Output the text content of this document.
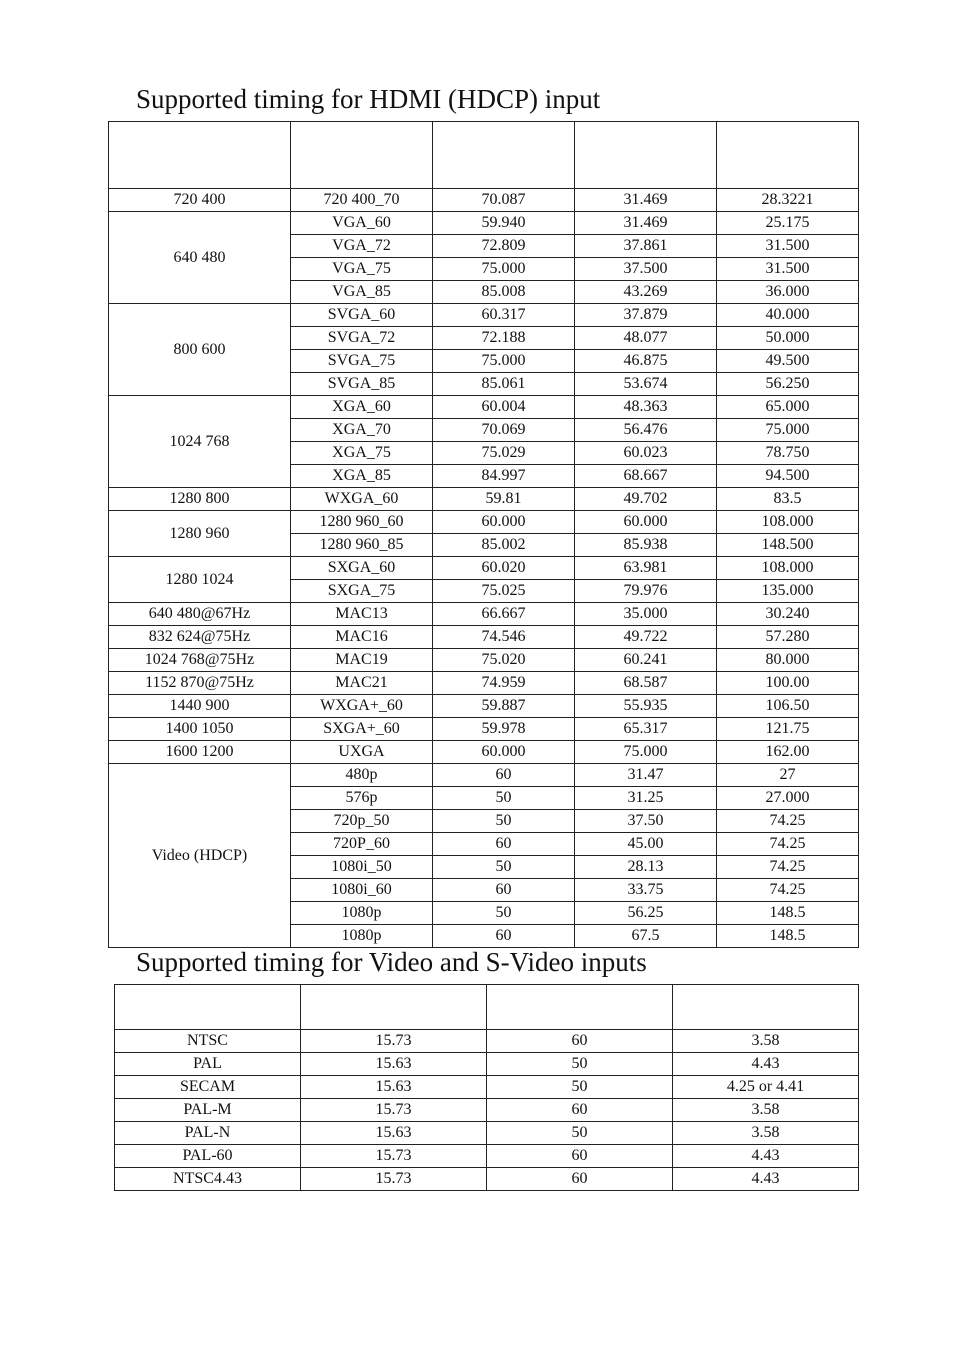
Supported timing for HDMI (HDCP) input

720 400	720 400_70	70.087	31.469	28.3221
640 480	VGA_60	59.940	31.469	25.175
	VGA_72	72.809	37.861	31.500
	VGA_75	75.000	37.500	31.500
	VGA_85	85.008	43.269	36.000
800 600	SVGA_60	60.317	37.879	40.000
	SVGA_72	72.188	48.077	50.000
	SVGA_75	75.000	46.875	49.500
	SVGA_85	85.061	53.674	56.250
1024 768	XGA_60	60.004	48.363	65.000
	XGA_70	70.069	56.476	75.000
	XGA_75	75.029	60.023	78.750
	XGA_85	84.997	68.667	94.500
1280 800	WXGA_60	59.81	49.702	83.5
1280 960	1280 960_60	60.000	60.000	108.000
	1280 960_85	85.002	85.938	148.500
1280 1024	SXGA_60	60.020	63.981	108.000
	SXGA_75	75.025	79.976	135.000
640 480@67Hz	MAC13	66.667	35.000	30.240
832 624@75Hz	MAC16	74.546	49.722	57.280
1024 768@75Hz	MAC19	75.020	60.241	80.000
1152 870@75Hz	MAC21	74.959	68.587	100.00
1440 900	WXGA+_60	59.887	55.935	106.50
1400 1050	SXGA+_60	59.978	65.317	121.75
1600 1200	UXGA	60.000	75.000	162.00
Video (HDCP)	480p	60	31.47	27
	576p	50	31.25	27.000
	720p_50	50	37.50	74.25
	720P_60	60	45.00	74.25
	1080i_50	50	28.13	74.25
	1080i_60	60	33.75	74.25
	1080p	50	56.25	148.5
	1080p	60	67.5	148.5
Supported timing for Video and S-Video inputs

NTSC	15.73	60	3.58
PAL	15.63	50	4.43
SECAM	15.63	50	4.25 or 4.41
PAL-M	15.73	60	3.58
PAL-N	15.63	50	3.58
PAL-60	15.73	60	4.43
NTSC4.43	15.73	60	4.43
